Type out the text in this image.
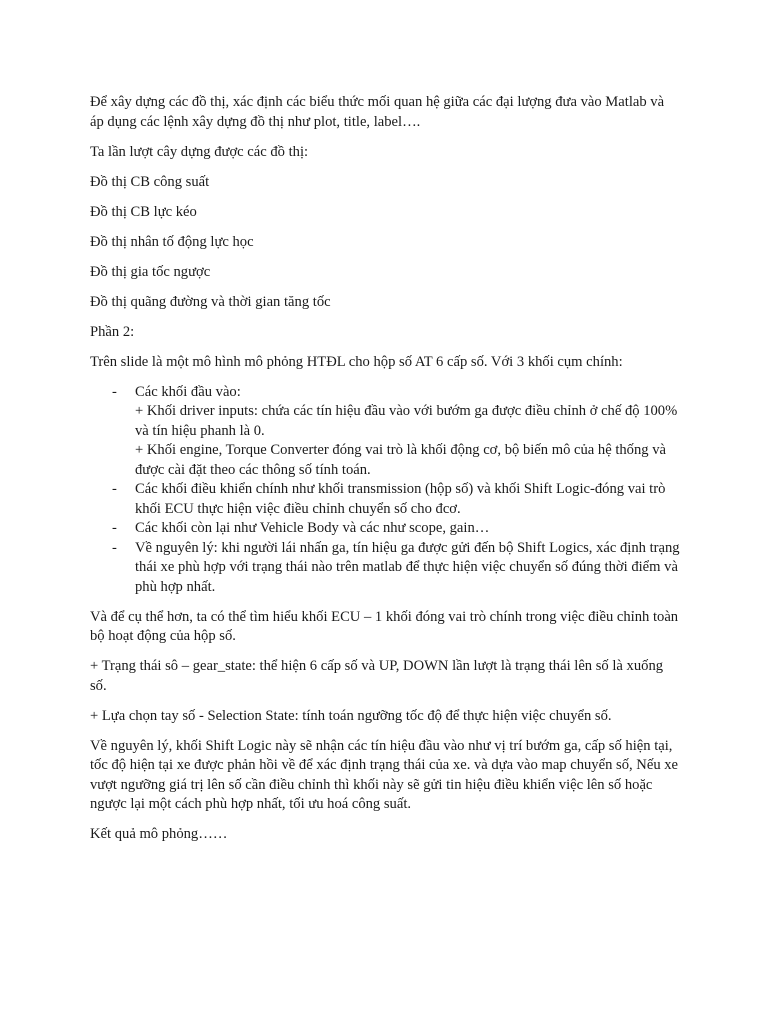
Để xây dựng các đồ thị, xác định các biểu thức mối quan hệ giữa các đại lượng đưa vào Matlab và áp dụng các lệnh xây dựng đồ thị như plot, title, label….

Ta lần lượt cây dựng được các đồ thị:

Đồ thị CB công suất

Đồ thị CB lực kéo

Đồ thị nhân tố động lực học

Đồ thị gia tốc ngược

Đồ thị quãng đường và thời gian tăng tốc

Phần 2:

Trên slide là một mô hình mô phỏng HTĐL cho hộp số AT 6 cấp số. Với 3 khối cụm chính:

- Các khối đầu vào:
+ Khối driver inputs: chứa các tín hiệu đầu vào với bướm ga được điều chỉnh ở chế độ 100% và tín hiệu phanh là 0.
+ Khối engine, Torque Converter đóng vai trò là khối động cơ, bộ biến mô của hệ thống và được cài đặt theo các thông số tính toán.
- Các khối điều khiển chính như khối transmission (hộp số) và khối Shift Logic-đóng vai trò khối ECU thực hiện việc điều chỉnh chuyển số cho đcơ.
- Các khối còn lại như Vehicle Body và các như scope, gain…
- Về nguyên lý: khi người lái nhấn ga, tín hiệu ga được gửi đến bộ Shift Logics, xác định trạng thái xe phù hợp với trạng thái nào trên matlab để thực hiện việc chuyển số đúng thời điểm và phù hợp nhất.

Và để cụ thể hơn, ta có thể tìm hiểu khối ECU – 1 khối đóng vai trò chính trong việc điều chỉnh toàn bộ hoạt động của hộp số.

+ Trạng thái sô – gear_state: thể hiện 6 cấp số và UP, DOWN lần lượt là trạng thái lên số là xuống số.

+ Lựa chọn tay số - Selection State: tính toán ngưỡng tốc độ để thực hiện việc chuyển số.

Về nguyên lý, khối Shift Logic này sẽ nhận các tín hiệu đầu vào như vị trí bướm ga, cấp số hiện tại, tốc độ hiện tại xe được phản hồi về để xác định trạng thái của xe. và dựa vào map chuyển số, Nếu xe vượt ngưỡng giá trị lên số cần điều chỉnh thì khối này sẽ gửi tin hiệu điều khiển việc lên số hoặc ngược lại một cách phù hợp nhất, tối ưu hoá công suất.

Kết quả mô phỏng……
